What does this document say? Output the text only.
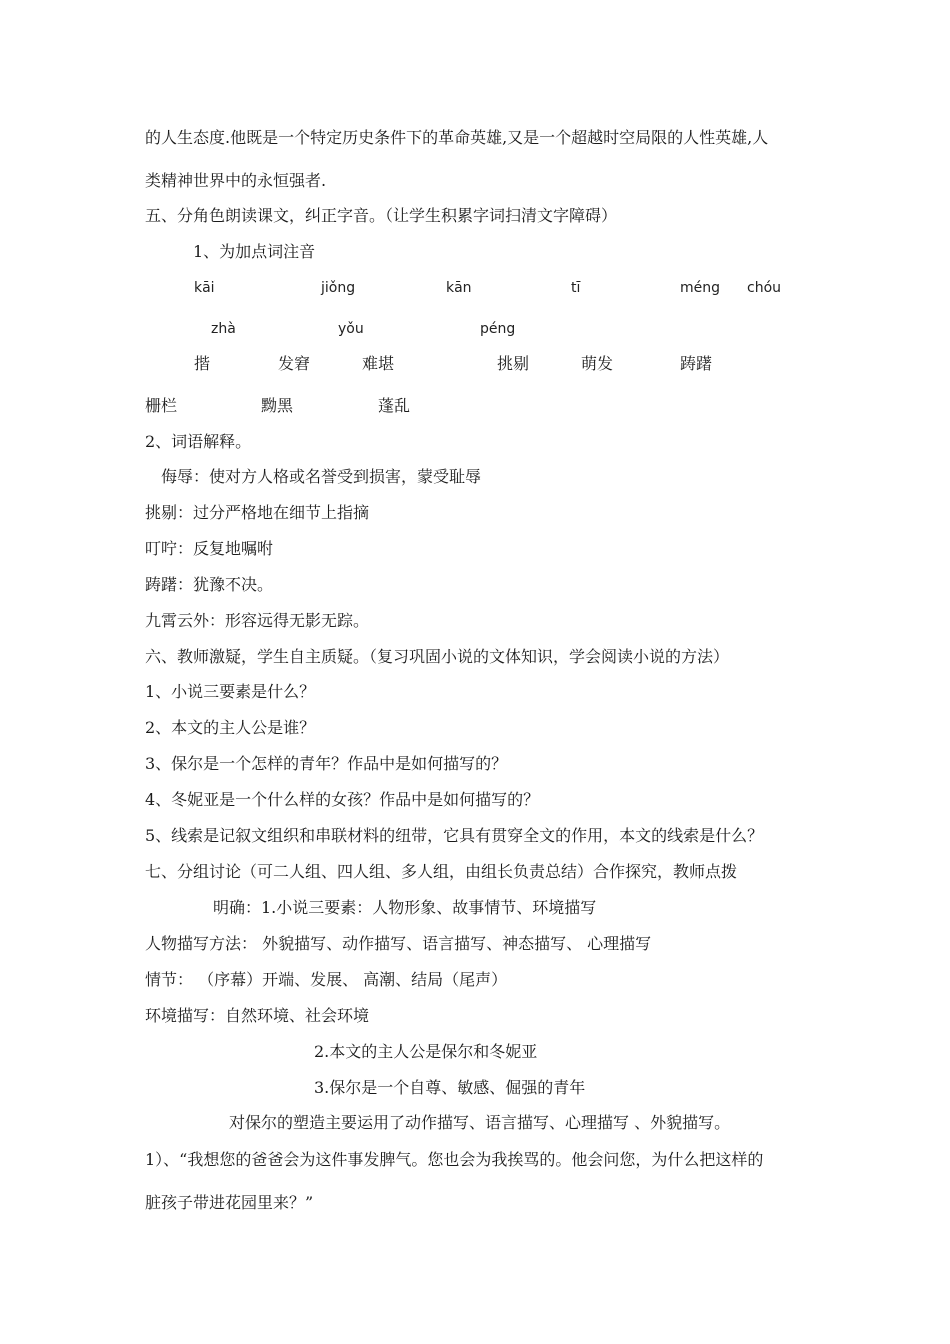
的人生态度.他既是一个特定历史条件下的革命英雄,又是一个超越时空局限的人性英雄,人
类精神世界中的永恒强者.
五、分角色朗读课文，纠正字音。（让学生积累字词扫清文字障碍）
1、为加点词注音
kāi	jiǒng	kān	tī	méng chóu
zhà	yǒu	péng
揩	发窘	难堪	挑剔	萌发	踌躇
栅栏	黝黑	蓬乱
2、词语解释。
侮辱：使对方人格或名誉受到损害，蒙受耻辱
挑剔：过分严格地在细节上指摘
叮咛：反复地嘱咐
踌躇：犹豫不决。
九霄云外：形容远得无影无踪。
六、教师激疑，学生自主质疑。（复习巩固小说的文体知识，学会阅读小说的方法）
1、小说三要素是什么？
2、本文的主人公是谁？
3、保尔是一个怎样的青年？作品中是如何描写的？
4、冬妮亚是一个什么样的女孩？作品中是如何描写的？
5、线索是记叙文组织和串联材料的纽带，它具有贯穿全文的作用，本文的线索是什么？
七、分组讨论（可二人组、四人组、多人组，由组长负责总结）合作探究，教师点拨
明确：1.小说三要素：人物形象、故事情节、环境描写
人物描写方法： 外貌描写、动作描写、语言描写、神态描写、 心理描写
情节： （序幕）开端、发展、 高潮、结局（尾声）
环境描写：自然环境、社会环境
2.本文的主人公是保尔和冬妮亚
3.保尔是一个自尊、敏感、倔强的青年
对保尔的塑造主要运用了动作描写、语言描写、心理描写 、外貌描写。
1）、“我想您的爸爸会为这件事发脾气。您也会为我挨骂的。他会问您，为什么把这样的
脏孩子带进花园里来？”
